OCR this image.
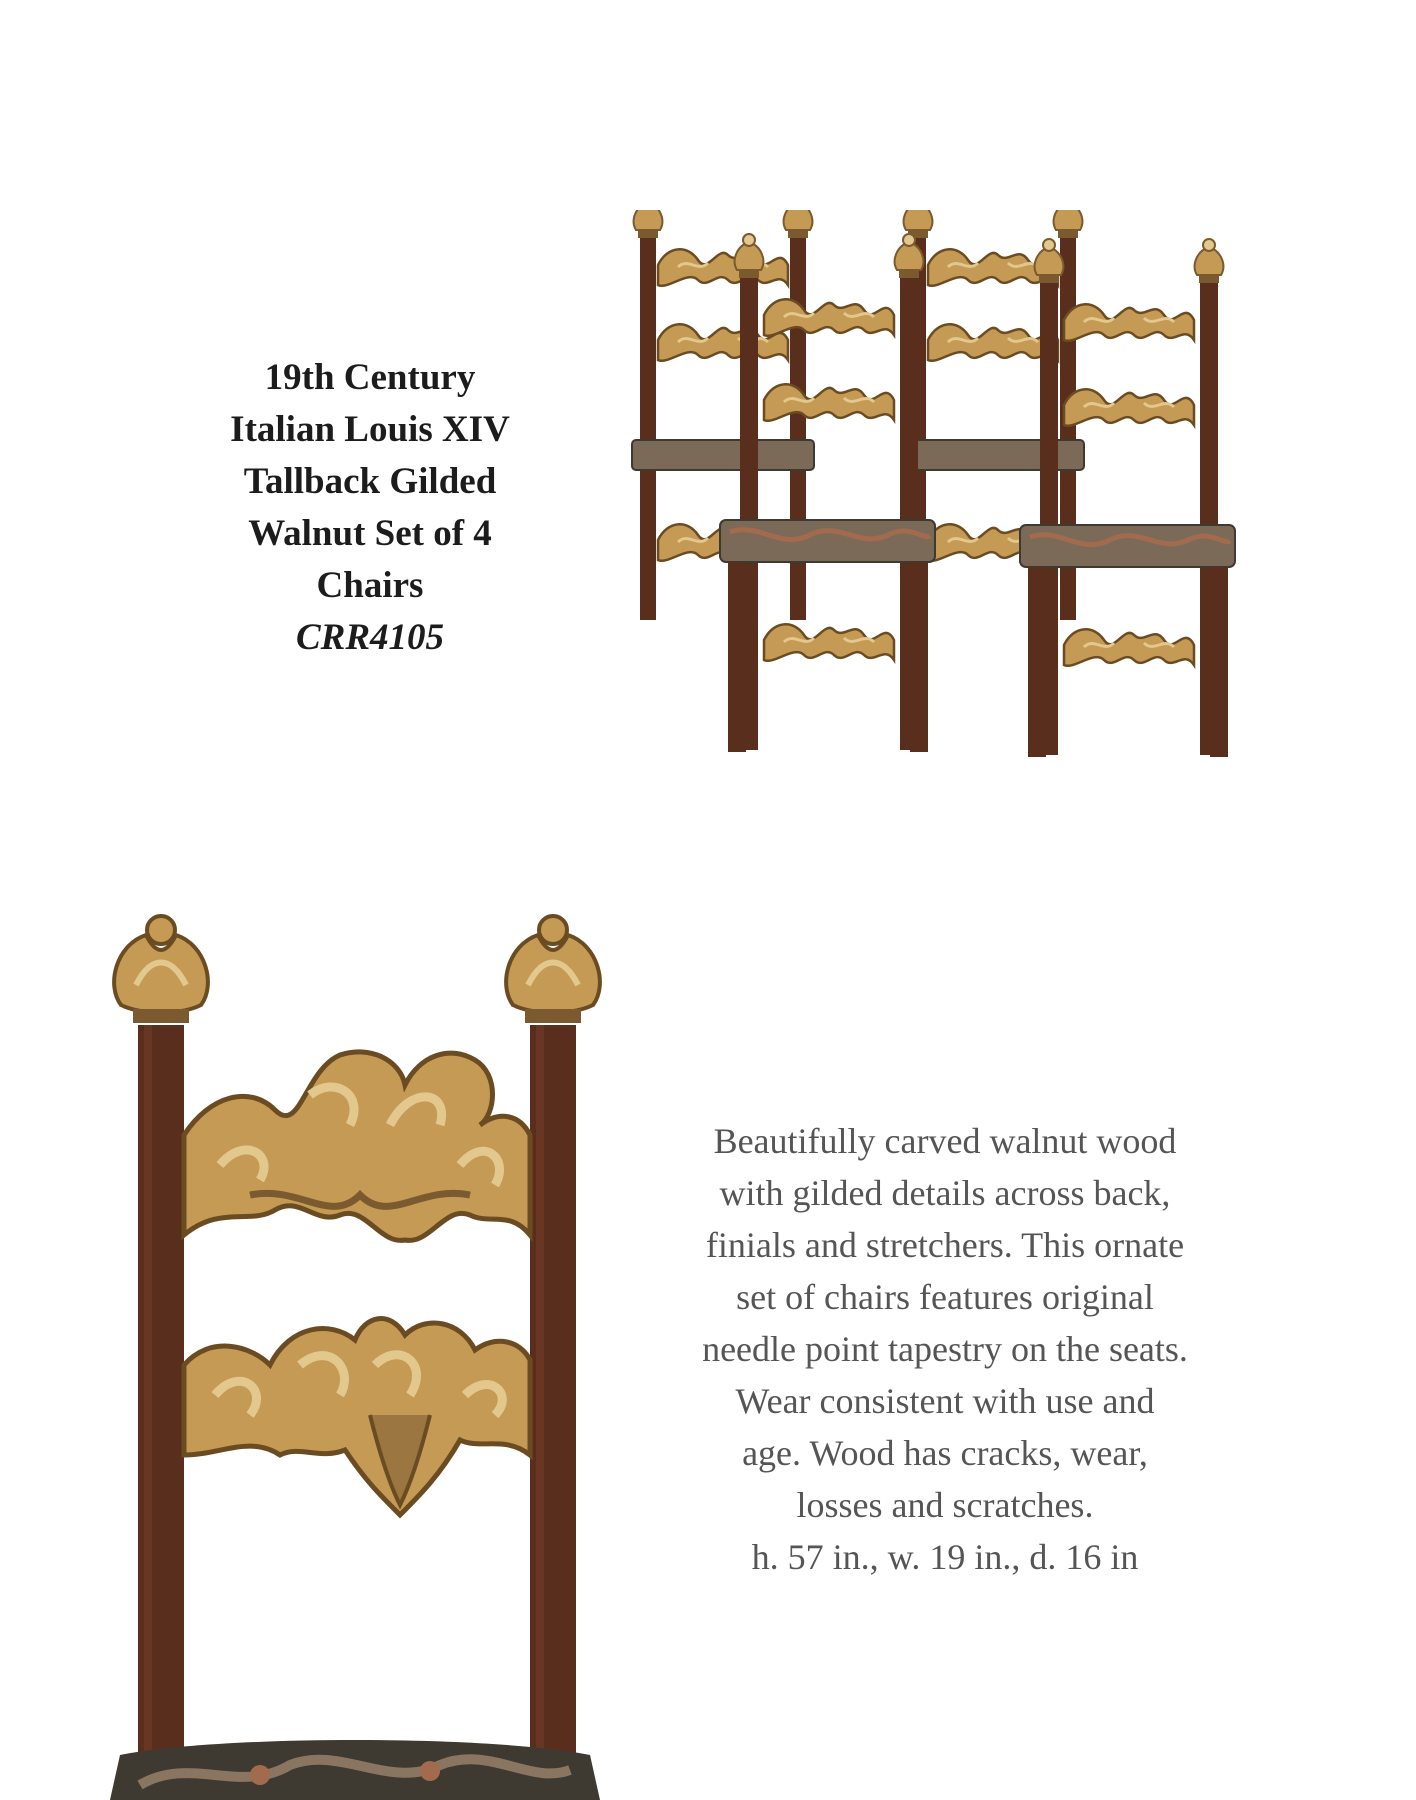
19th Century
Italian Louis XIV
Tallback Gilded
Walnut Set of 4
Chairs
CRR4105
Beautifully carved walnut wood
with gilded details across back,
finials and stretchers. This ornate
set of chairs features original
needle point tapestry on the seats.
Wear consistent with use and
age. Wood has cracks, wear,
losses and scratches.
h. 57 in., w. 19 in., d. 16 in
